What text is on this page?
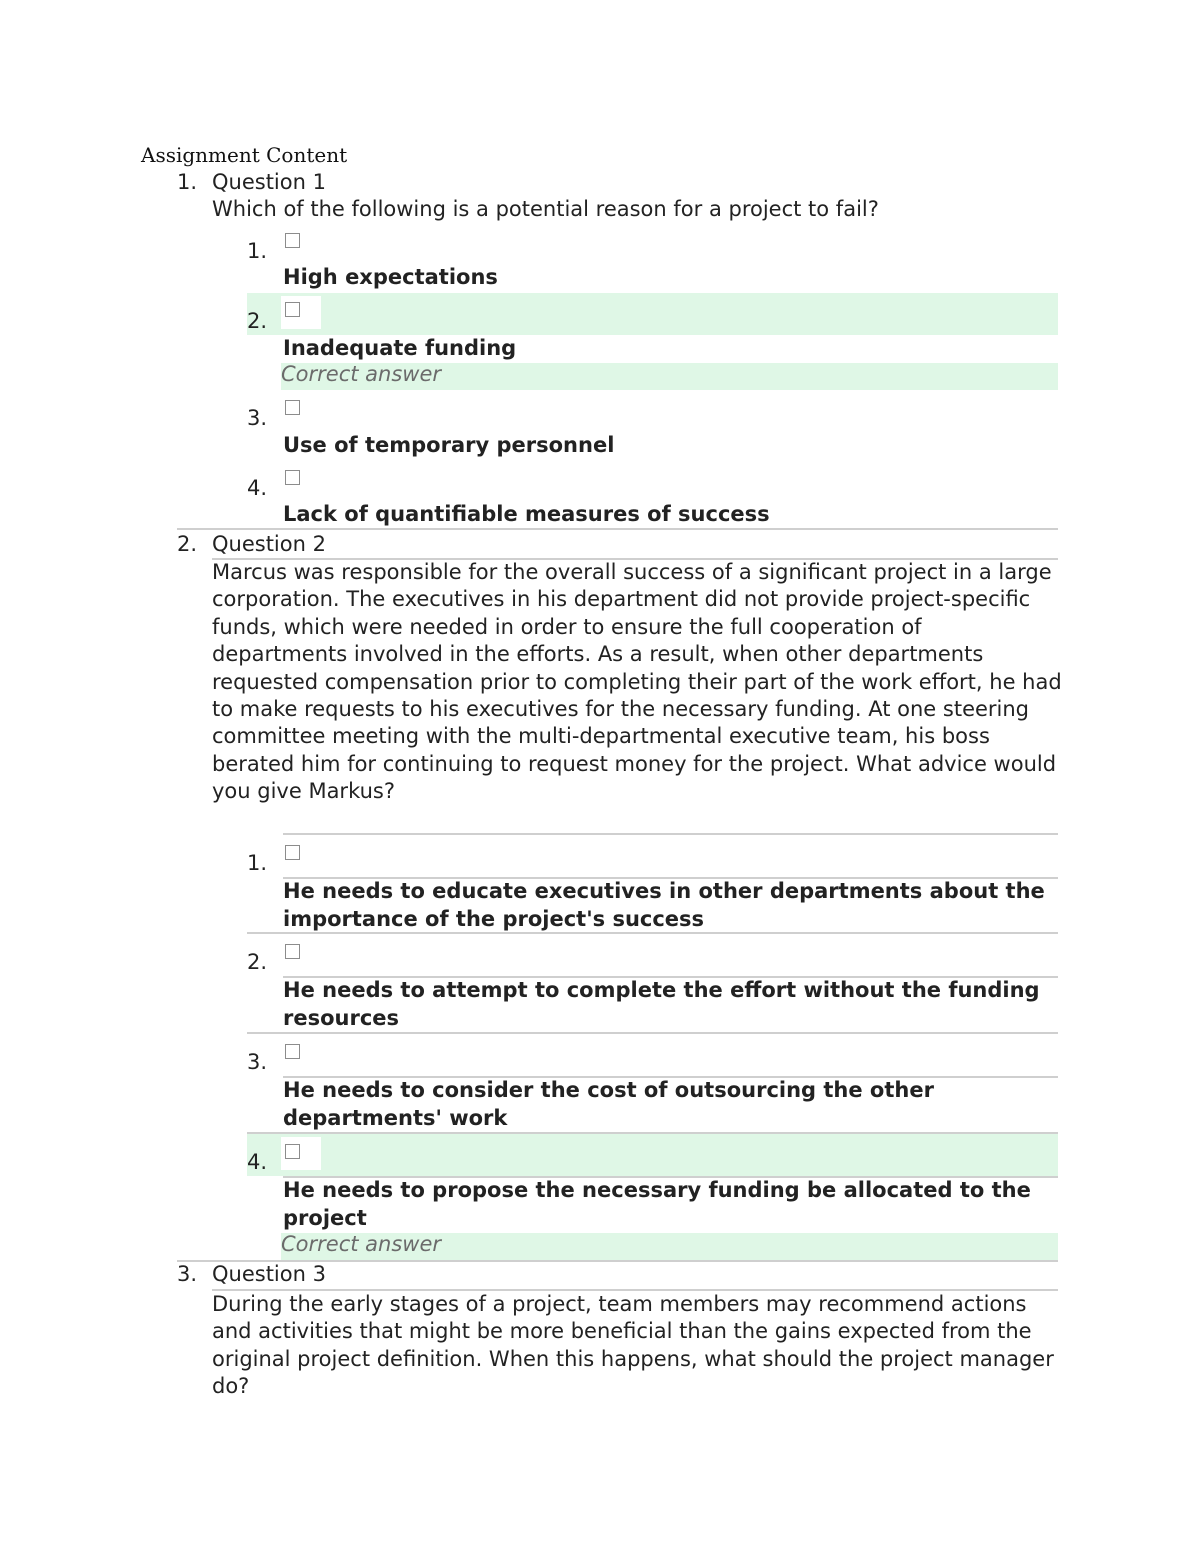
Assignment Content
1. Question 1
Which of the following is a potential reason for a project to fail?
1.
High expectations
2.
Inadequate funding
Correct answer
3.
Use of temporary personnel
4.
Lack of quantifiable measures of success
2. Question 2
Marcus was responsible for the overall success of a significant project in a large corporation. The executives in his department did not provide project-specific funds, which were needed in order to ensure the full cooperation of departments involved in the efforts. As a result, when other departments requested compensation prior to completing their part of the work effort, he had to make requests to his executives for the necessary funding. At one steering committee meeting with the multi-departmental executive team, his boss berated him for continuing to request money for the project. What advice would you give Markus?
1.
He needs to educate executives in other departments about the importance of the project's success
2.
He needs to attempt to complete the effort without the funding resources
3.
He needs to consider the cost of outsourcing the other departments' work
4.
He needs to propose the necessary funding be allocated to the project
Correct answer
3. Question 3
During the early stages of a project, team members may recommend actions and activities that might be more beneficial than the gains expected from the original project definition. When this happens, what should the project manager do?
